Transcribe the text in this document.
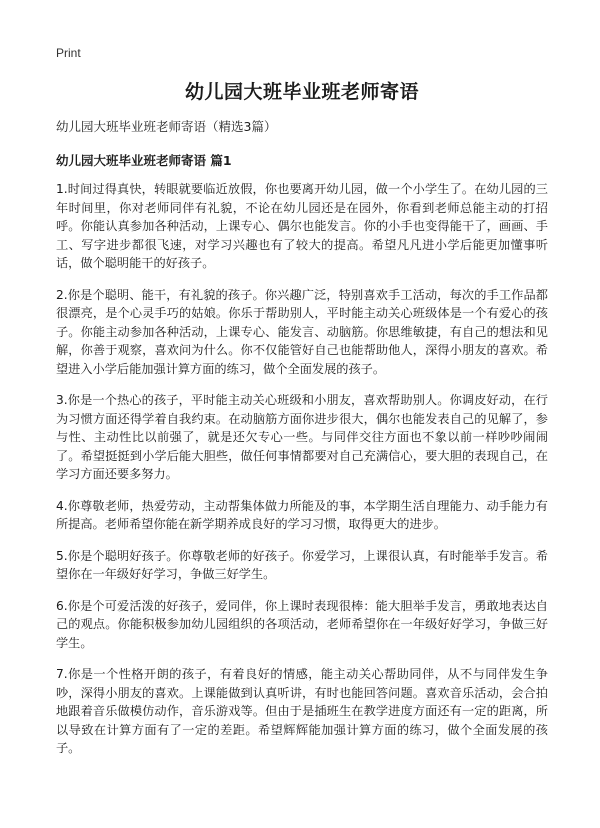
Print
幼儿园大班毕业班老师寄语
幼儿园大班毕业班老师寄语（精选3篇）
幼儿园大班毕业班老师寄语 篇1

1.时间过得真快，转眼就要临近放假，你也要离开幼儿园，做一个小学生了。在幼儿园的三年时间里，你对老师同伴有礼貌，不论在幼儿园还是在园外，你看到老师总能主动的打招呼。你能认真参加各种活动，上课专心、偶尔也能发言。你的小手也变得能干了，画画、手工、写字进步都很飞速，对学习兴趣也有了较大的提高。希望凡凡进小学后能更加懂事听话，做个聪明能干的好孩子。

2.你是个聪明、能干，有礼貌的孩子。你兴趣广泛，特别喜欢手工活动，每次的手工作品都很漂亮，是个心灵手巧的姑娘。你乐于帮助别人，平时能主动关心班级体是一个有爱心的孩子。你能主动参加各种活动，上课专心、能发言、动脑筋。你思维敏捷，有自己的想法和见解，你善于观察，喜欢问为什么。你不仅能管好自己也能帮助他人，深得小朋友的喜欢。希望进入小学后能加强计算方面的练习，做个全面发展的孩子。

3.你是一个热心的孩子，平时能主动关心班级和小朋友，喜欢帮助别人。你调皮好动，在行为习惯方面还得学着自我约束。在动脑筋方面你进步很大，偶尔也能发表自己的见解了，参与性、主动性比以前强了，就是还欠专心一些。与同伴交往方面也不象以前一样吵吵闹闹了。希望挺挺到小学后能大胆些，做任何事情都要对自己充满信心，要大胆的表现自己，在学习方面还要多努力。

4.你尊敬老师，热爱劳动，主动帮集体做力所能及的事，本学期生活自理能力、动手能力有所提高。老师希望你能在新学期养成良好的学习习惯，取得更大的进步。

5.你是个聪明好孩子。你尊敬老师的好孩子。你爱学习，上课很认真，有时能举手发言。希望你在一年级好好学习，争做三好学生。

6.你是个可爱活泼的好孩子，爱同伴，你上课时表现很棒：能大胆举手发言，勇敢地表达自己的观点。你能积极参加幼儿园组织的各项活动，老师希望你在一年级好好学习，争做三好学生。

7.你是一个性格开朗的孩子，有着良好的情感，能主动关心帮助同伴，从不与同伴发生争吵，深得小朋友的喜欢。上课能做到认真听讲，有时也能回答问题。喜欢音乐活动，会合拍地跟着音乐做模仿动作，音乐游戏等。但由于是插班生在教学进度方面还有一定的距离，所以导致在计算方面有了一定的差距。希望辉辉能加强计算方面的练习，做个全面发展的孩子。
